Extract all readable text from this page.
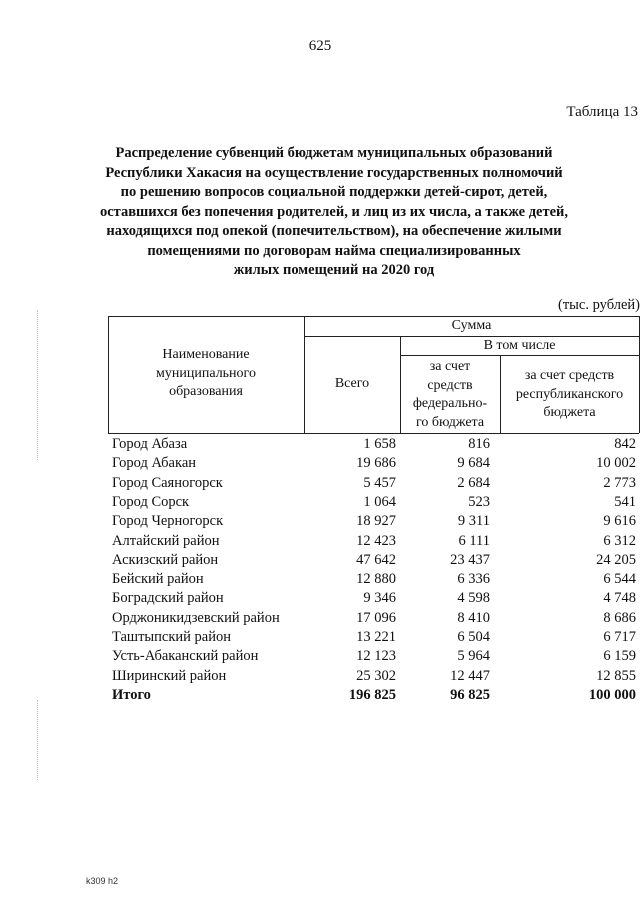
625
Таблица 13
Распределение субвенций бюджетам муниципальных образований
Республики Хакасия на осуществление государственных полномочий
по решению вопросов социальной поддержки детей-сирот, детей,
оставшихся без попечения родителей, и лиц из их числа, а также детей,
находящихся под опекой (попечительством), на обеспечение жилыми
помещениями по договорам найма специализированных
жилых помещений на 2020 год
(тыс. рублей)
Наименование
муниципального
образования
Сумма
Всего
В том числе
за счет
средств
федерально-
го бюджета
за счет средств
республиканского
бюджета
Город Абаза	1 658	816	842
Город Абакан	19 686	9 684	10 002
Город Саяногорск	5 457	2 684	2 773
Город Сорск	1 064	523	541
Город Черногорск	18 927	9 311	9 616
Алтайский район	12 423	6 111	6 312
Аскизский район	47 642	23 437	24 205
Бейский район	12 880	6 336	6 544
Боградский район	9 346	4 598	4 748
Орджоникидзевский район	17 096	8 410	8 686
Таштыпский район	13 221	6 504	6 717
Усть-Абаканский район	12 123	5 964	6 159
Ширинский район	25 302	12 447	12 855
Итого	196 825	96 825	100 000
k309 h2
